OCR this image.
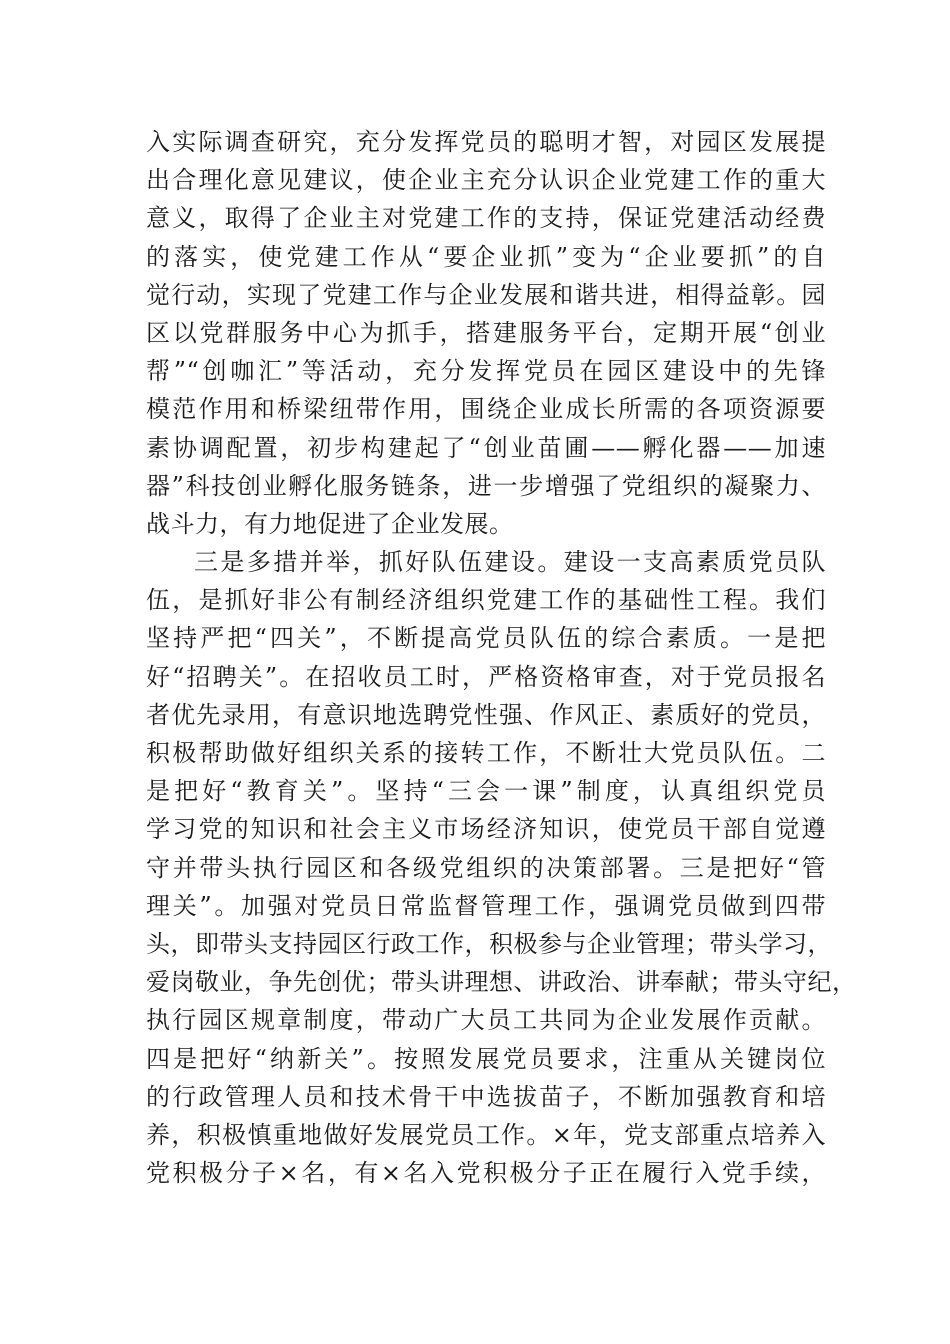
入实际调查研究，充分发挥党员的聪明才智，对园区发展提
出合理化意见建议，使企业主充分认识企业党建工作的重大
意义，取得了企业主对党建工作的支持，保证党建活动经费
的落实，使党建工作从“要企业抓”变为“企业要抓”的自
觉行动，实现了党建工作与企业发展和谐共进，相得益彰。园
区以党群服务中心为抓手，搭建服务平台，定期开展“创业
帮”“创咖汇”等活动，充分发挥党员在园区建设中的先锋
模范作用和桥梁纽带作用，围绕企业成长所需的各项资源要
素协调配置，初步构建起了“创业苗圃——孵化器——加速
器”科技创业孵化服务链条，进一步增强了党组织的凝聚力、
战斗力，有力地促进了企业发展。
三是多措并举，抓好队伍建设。建设一支高素质党员队
伍，是抓好非公有制经济组织党建工作的基础性工程。我们
坚持严把“四关”，不断提高党员队伍的综合素质。一是把
好“招聘关”。在招收员工时，严格资格审查，对于党员报名
者优先录用，有意识地选聘党性强、作风正、素质好的党员，
积极帮助做好组织关系的接转工作，不断壮大党员队伍。二
是把好“教育关”。坚持“三会一课”制度，认真组织党员
学习党的知识和社会主义市场经济知识，使党员干部自觉遵
守并带头执行园区和各级党组织的决策部署。三是把好“管
理关”。加强对党员日常监督管理工作，强调党员做到四带
头，即带头支持园区行政工作，积极参与企业管理；带头学习，
爱岗敬业，争先创优；带头讲理想、讲政治、讲奉献；带头守纪，
执行园区规章制度，带动广大员工共同为企业发展作贡献。
四是把好“纳新关”。按照发展党员要求，注重从关键岗位
的行政管理人员和技术骨干中选拔苗子，不断加强教育和培
养，积极慎重地做好发展党员工作。×年，党支部重点培养入
党积极分子×名，有×名入党积极分子正在履行入党手续，
